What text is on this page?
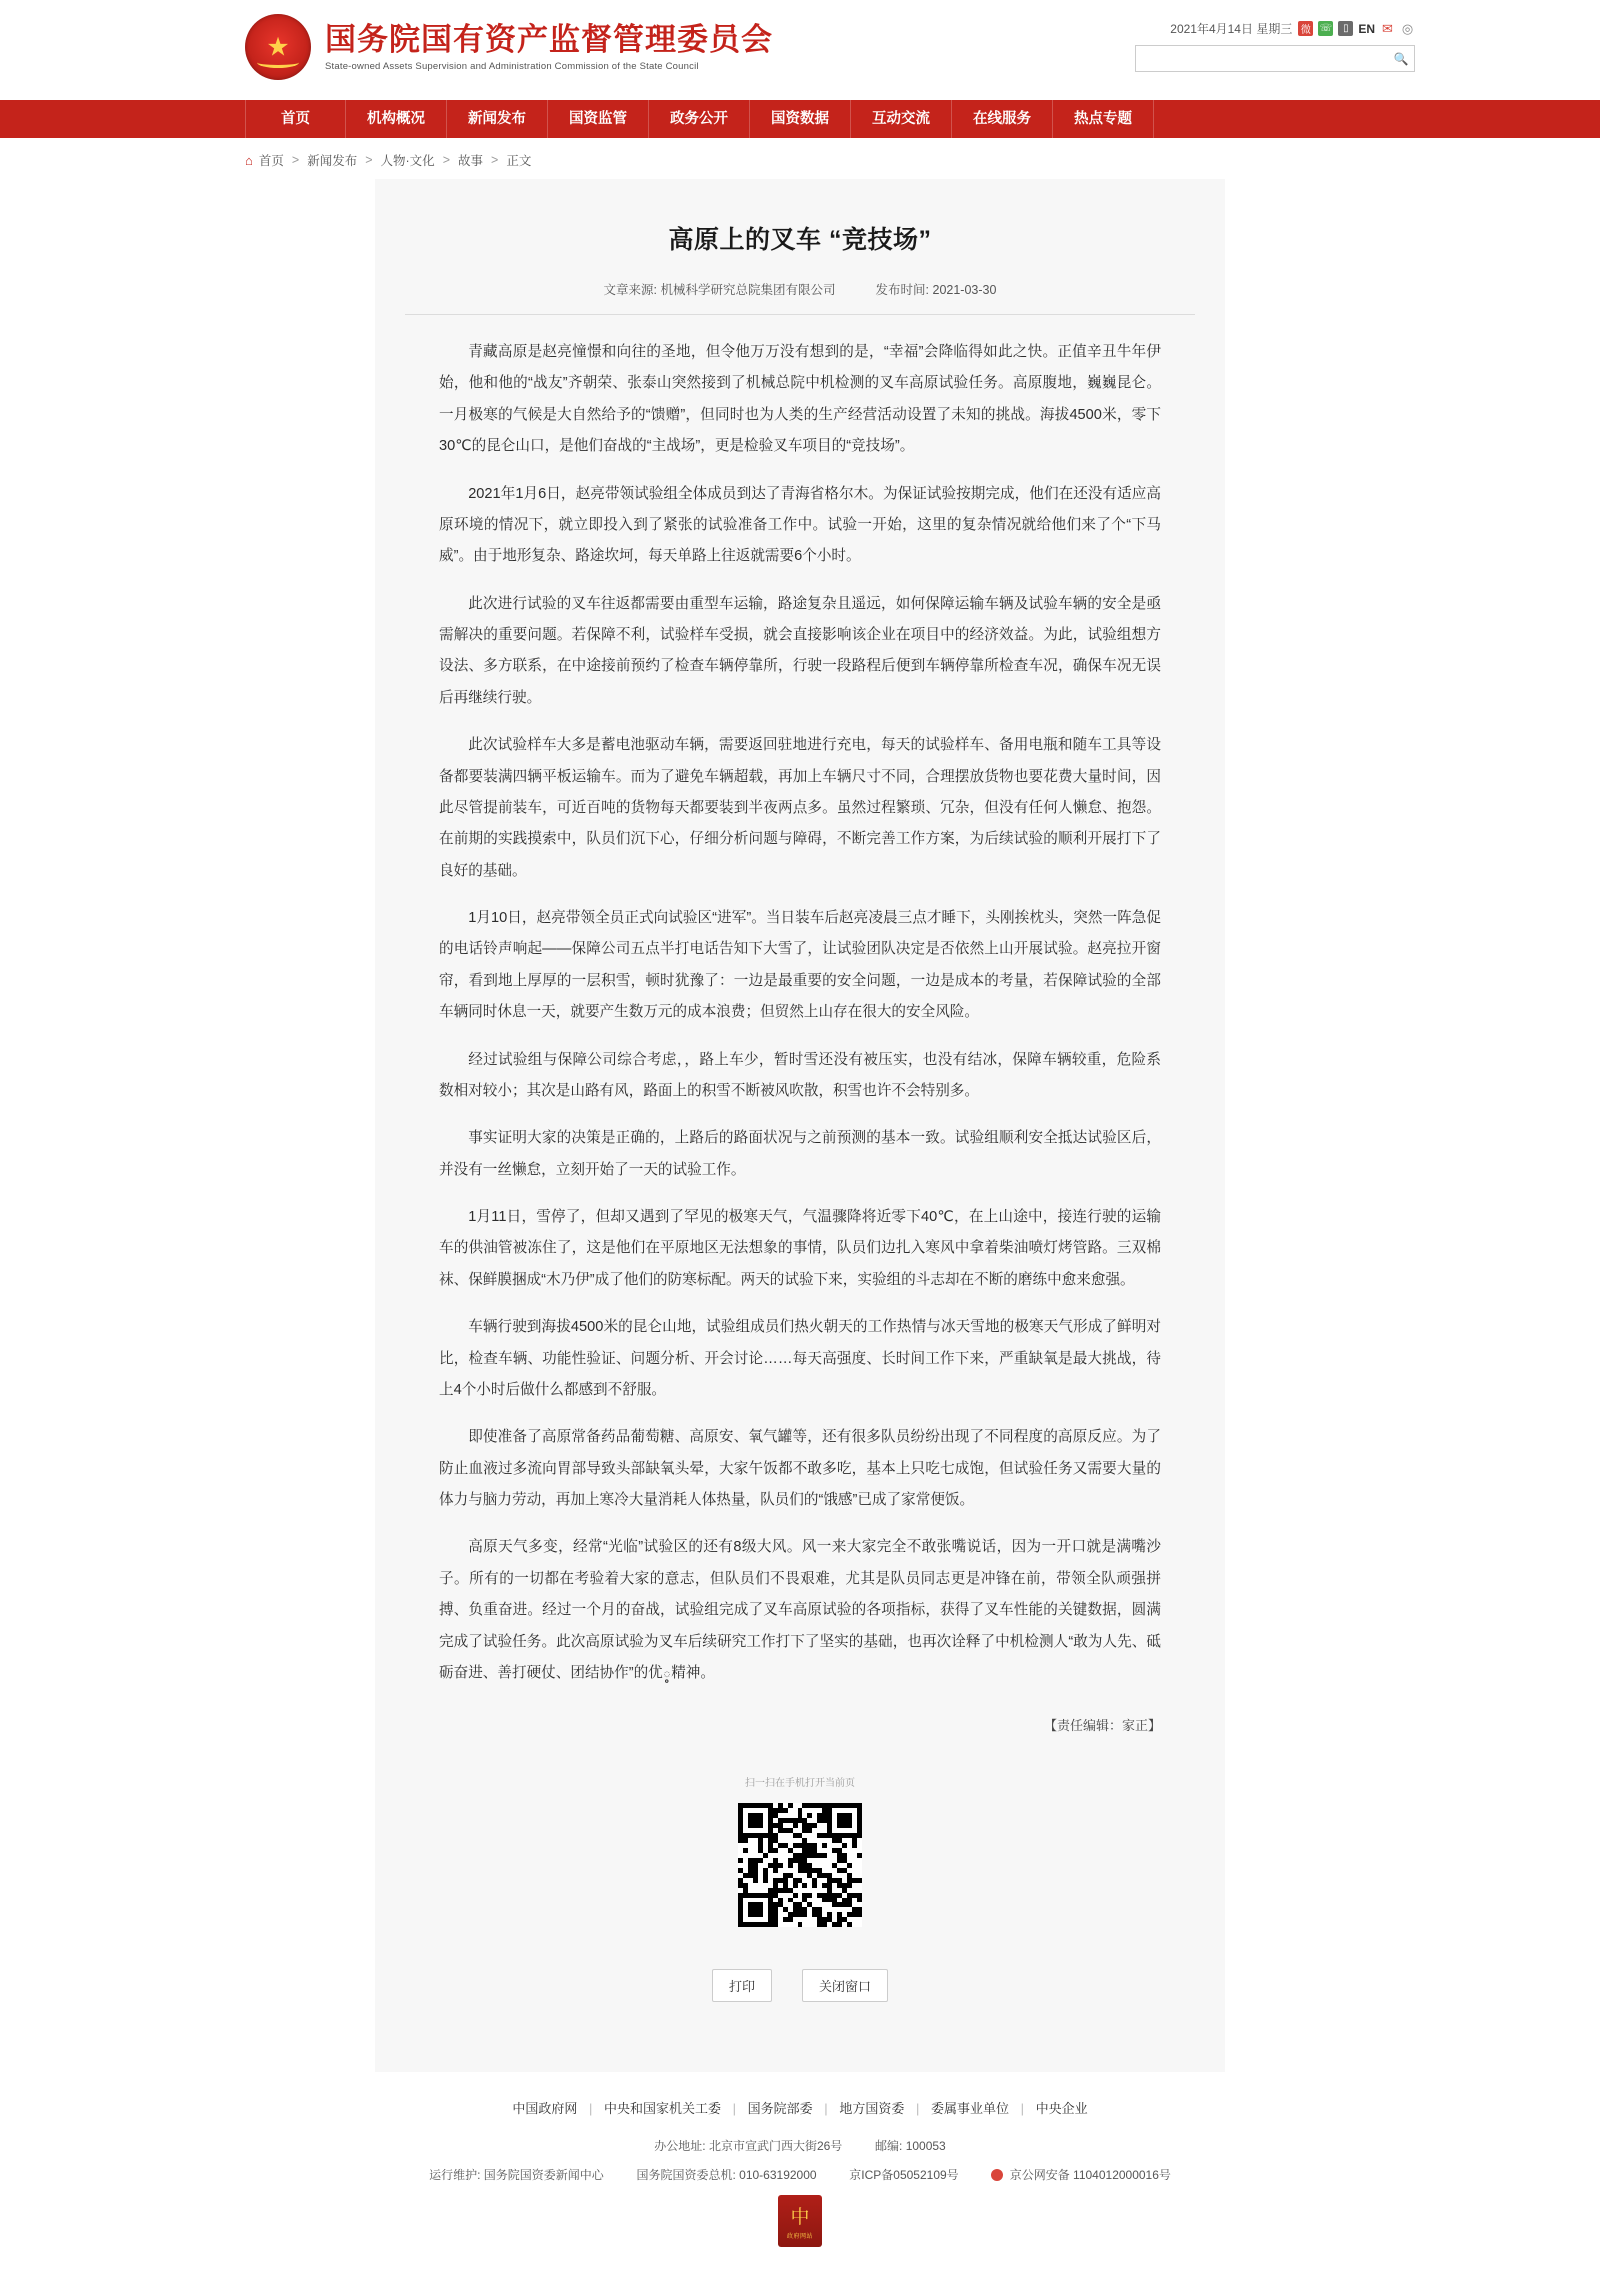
★
国务院国有资产监督管理委员会
State-owned Assets Supervision and Administration Commission of the State Council
2021年4月14日 星期三 微 ☏	▯ EN ✉ ◎
🔍
首页	机构概况	新闻发布	国资监管	政务公开	国资数据	互动交流	在线服务	热点专题
⌂ 首页 > 新闻发布 > 人物·文化 > 故事 > 正文
高原上的叉车 “竞技场”
文章来源: 机械科学研究总院集团有限公司	发布时间: 2021-03-30

青藏高原是赵亮憧憬和向往的圣地，但令他万万没有想到的是，“幸福”会降临得如此之快。正值辛丑牛年伊始，他和他的“战友”齐朝荣、张泰山突然接到了机械总院中机检测的叉车高原试验任务。高原腹地，巍巍昆仑。一月极寒的气候是大自然给予的“馈赠”，但同时也为人类的生产经营活动设置了未知的挑战。海拔4500米，零下30℃的昆仑山口，是他们奋战的“主战场”，更是检验叉车项目的“竞技场”。

2021年1月6日，赵亮带领试验组全体成员到达了青海省格尔木。为保证试验按期完成，他们在还没有适应高原环境的情况下，就立即投入到了紧张的试验准备工作中。试验一开始，这里的复杂情况就给他们来了个“下马威”。由于地形复杂、路途坎坷，每天单路上往返就需要6个小时。

此次进行试验的叉车往返都需要由重型车运输，路途复杂且遥远，如何保障运输车辆及试验车辆的安全是亟需解决的重要问题。若保障不利，试验样车受损，就会直接影响该企业在项目中的经济效益。为此，试验组想方设法、多方联系，在中途接前预约了检查车辆停靠所，行驶一段路程后便到车辆停靠所检查车况，确保车况无误后再继续行驶。

此次试验样车大多是蓄电池驱动车辆，需要返回驻地进行充电，每天的试验样车、备用电瓶和随车工具等设备都要装满四辆平板运输车。而为了避免车辆超载，再加上车辆尺寸不同，合理摆放货物也要花费大量时间，因此尽管提前装车，可近百吨的货物每天都要装到半夜两点多。虽然过程繁琐、冗杂，但没有任何人懒怠、抱怨。在前期的实践摸索中，队员们沉下心，仔细分析问题与障碍，不断完善工作方案，为后续试验的顺利开展打下了良好的基础。

1月10日，赵亮带领全员正式向试验区“进军”。当日装车后赵亮凌晨三点才睡下，头刚挨枕头，突然一阵急促的电话铃声响起——保障公司五点半打电话告知下大雪了，让试验团队决定是否依然上山开展试验。赵亮拉开窗帘，看到地上厚厚的一层积雪，顿时犹豫了：一边是最重要的安全问题，一边是成本的考量，若保障试验的全部车辆同时休息一天，就要产生数万元的成本浪费；但贸然上山存在很大的安全风险。

经过试验组与保障公司综合考虑，，路上车少，暂时雪还没有被压实，也没有结冰，保障车辆较重，危险系数相对较小；其次是山路有风，路面上的积雪不断被风吹散，积雪也许不会特别多。

事实证明大家的决策是正确的，上路后的路面状况与之前预测的基本一致。试验组顺利安全抵达试验区后，并没有一丝懒怠，立刻开始了一天的试验工作。

1月11日，雪停了，但却又遇到了罕见的极寒天气，气温骤降将近零下40℃，在上山途中，接连行驶的运输车的供油管被冻住了，这是他们在平原地区无法想象的事情，队员们边扎入寒风中拿着柴油喷灯烤管路。三双棉袜、保鲜膜捆成“木乃伊”成了他们的防寒标配。两天的试验下来，实验组的斗志却在不断的磨练中愈来愈强。

车辆行驶到海拔4500米的昆仑山地，试验组成员们热火朝天的工作热情与冰天雪地的极寒天气形成了鲜明对比，检查车辆、功能性验证、问题分析、开会讨论……每天高强度、长时间工作下来，严重缺氧是最大挑战，待上4个小时后做什么都感到不舒服。

即使准备了高原常备药品葡萄糖、高原安、氧气罐等，还有很多队员纷纷出现了不同程度的高原反应。为了防止血液过多流向胃部导致头部缺氧头晕，大家午饭都不敢多吃，基本上只吃七成饱，但试验任务又需要大量的体力与脑力劳动，再加上寒冷大量消耗人体热量，队员们的“饿感”已成了家常便饭。

高原天气多变，经常“光临”试验区的还有8级大风。风一来大家完全不敢张嘴说话，因为一开口就是满嘴沙子。所有的一切都在考验着大家的意志，但队员们不畏艰难，尤其是队员同志更是冲锋在前，带领全队顽强拼搏、负重奋进。经过一个月的奋战，试验组完成了叉车高原试验的各项指标，获得了叉车性能的关键数据，圆满完成了试验任务。此次高原试验为叉车后续研究工作打下了坚实的基础，也再次诠释了中机检测人“敢为人先、砥砺奋进、善打硬仗、团结协作”的优఼精神。

【责任编辑：家正】
扫一扫在手机打开当前页
打印	关闭窗口
中国政府网 | 中央和国家机关工委 | 国务院部委 | 地方国资委 | 委属事业单位 | 中央企业
办公地址: 北京市宣武门西大街26号	邮编: 100053
运行维护: 国务院国资委新闻中心	国务院国资委总机: 010-63192000	京ICP备05052109号	京公网安备 1104012000016号
中
政府网站
